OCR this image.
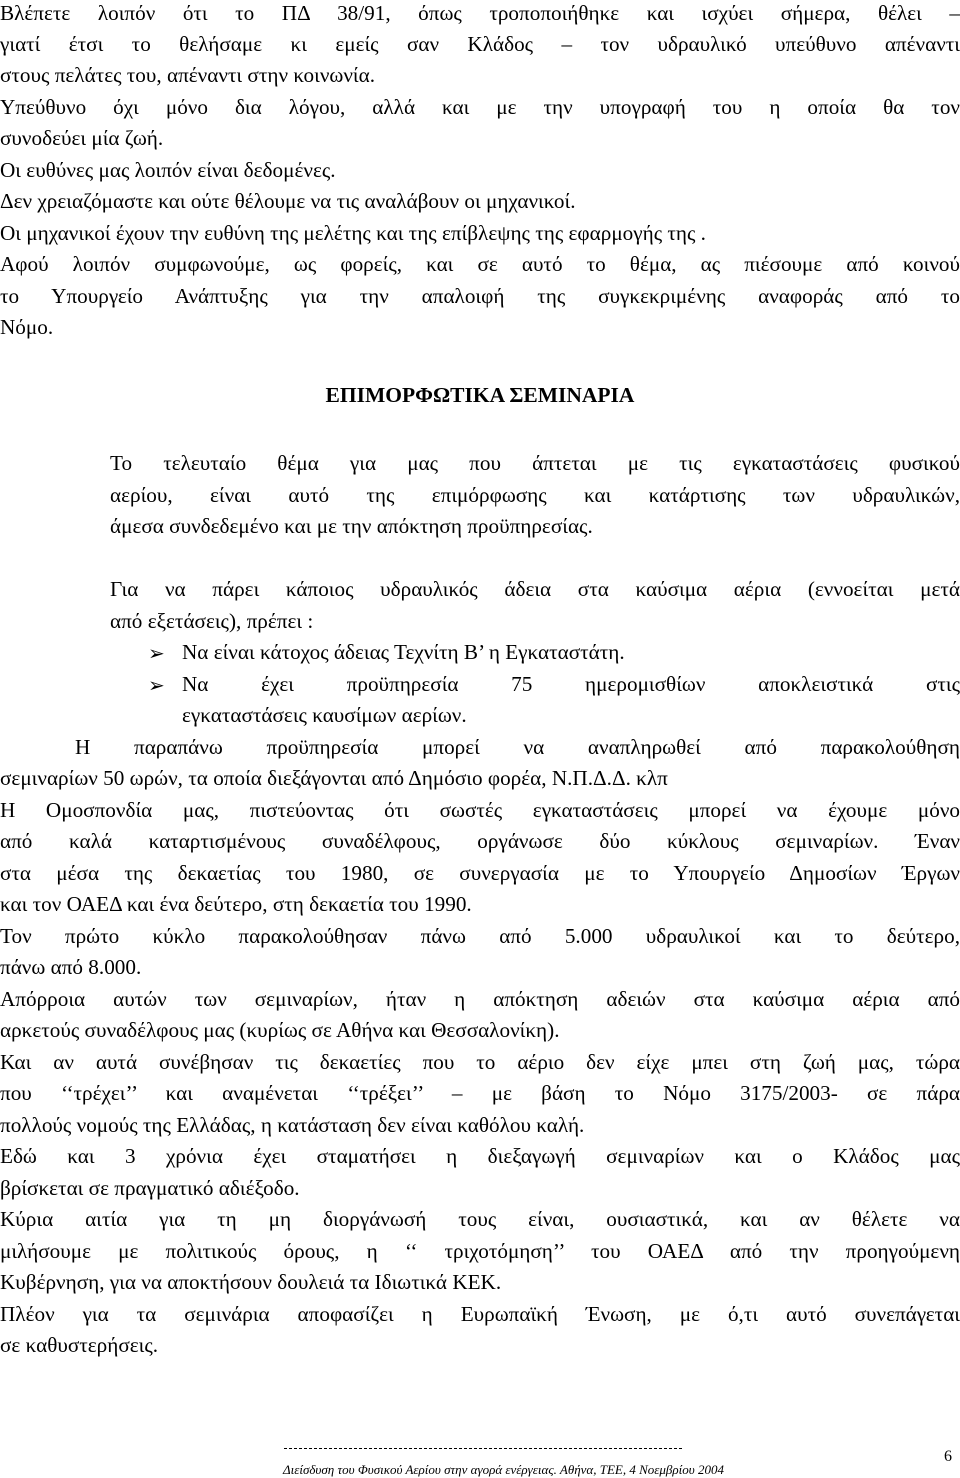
Βλέπετε λοιπόν ότι το ΠΔ 38/91, όπως τροποποιήθηκε και ισχύει σήμερα, θέλει –

γιατί έτσι το θελήσαμε κι εμείς σαν Κλάδος – τον υδραυλικό υπεύθυνο απέναντι

στους πελάτες του, απέναντι στην κοινωνία.

Υπεύθυνο όχι μόνο δια λόγου, αλλά και με την υπογραφή του η οποία θα τον

συνοδεύει μία ζωή.

Οι ευθύνες μας λοιπόν είναι δεδομένες.

Δεν χρειαζόμαστε και ούτε θέλουμε να τις αναλάβουν οι μηχανικοί.

Οι μηχανικοί έχουν την ευθύνη της μελέτης και της επίβλεψης της εφαρμογής της .

Αφού λοιπόν συμφωνούμε, ως φορείς, και σε αυτό το θέμα, ας πιέσουμε από κοινού

το Υπουργείο Ανάπτυξης για την απαλοιφή της συγκεκριμένης αναφοράς από το

Νόμο.

ΕΠΙΜΟΡΦΩΤΙΚΑ ΣΕΜΙΝΑΡΙΑ

Το τελευταίο θέμα για μας που άπτεται με τις εγκαταστάσεις φυσικού

αερίου, είναι αυτό της επιμόρφωσης και κατάρτισης των υδραυλικών,

άμεσα συνδεδεμένο και με την απόκτηση προϋπηρεσίας.

Για να πάρει κάποιος υδραυλικός άδεια στα καύσιμα αέρια (εννοείται μετά

από εξετάσεις), πρέπει :

➢ Να είναι κάτοχος άδειας Τεχνίτη Β’ η Εγκαταστάτη.

➢ Να έχει προϋπηρεσία 75 ημερομισθίων αποκλειστικά στις

εγκαταστάσεις καυσίμων αερίων.

Η παραπάνω προϋπηρεσία μπορεί να αναπληρωθεί από παρακολούθηση

σεμιναρίων 50 ωρών, τα οποία διεξάγονται από Δημόσιο φορέα, Ν.Π.Δ.Δ. κλπ

Η Ομοσπονδία μας, πιστεύοντας ότι σωστές εγκαταστάσεις μπορεί να έχουμε μόνο

από καλά καταρτισμένους συναδέλφους, οργάνωσε δύο κύκλους σεμιναρίων. Έναν

στα μέσα της δεκαετίας του 1980, σε συνεργασία με το Υπουργείο Δημοσίων Έργων

και τον ΟΑΕΔ και ένα δεύτερο, στη δεκαετία του 1990.

Τον πρώτο κύκλο παρακολούθησαν πάνω από 5.000 υδραυλικοί και το δεύτερο,

πάνω από 8.000.

Απόρροια αυτών των σεμιναρίων, ήταν η απόκτηση αδειών στα καύσιμα αέρια από

αρκετούς συναδέλφους μας (κυρίως σε Αθήνα και Θεσσαλονίκη).

Και αν αυτά συνέβησαν τις δεκαετίες που το αέριο δεν είχε μπει στη ζωή μας, τώρα

που ‘‘τρέχει’’ και αναμένεται ‘‘τρέξει’’ – με βάση το Νόμο 3175/2003- σε πάρα

πολλούς νομούς της Ελλάδας, η κατάσταση δεν είναι καθόλου καλή.

Εδώ και 3 χρόνια έχει σταματήσει η διεξαγωγή σεμιναρίων και ο Κλάδος μας

βρίσκεται σε πραγματικό αδιέξοδο.

Κύρια αιτία για τη μη διοργάνωσή τους είναι, ουσιαστικά, και αν θέλετε να

μιλήσουμε με πολιτικούς όρους, η ‘‘ τριχοτόμηση’’ του ΟΑΕΔ από την προηγούμενη

Κυβέρνηση, για να αποκτήσουν δουλειά τα Ιδιωτικά ΚΕΚ.

Πλέον για τα σεμινάρια αποφασίζει η Ευρωπαϊκή Ένωση, με ό,τι αυτό συνεπάγεται

σε καθυστερήσεις.

6
Διείσδυση του Φυσικού Αερίου στην αγορά ενέργειας. Αθήνα, ΤΕΕ, 4 Νοεμβρίου 2004
